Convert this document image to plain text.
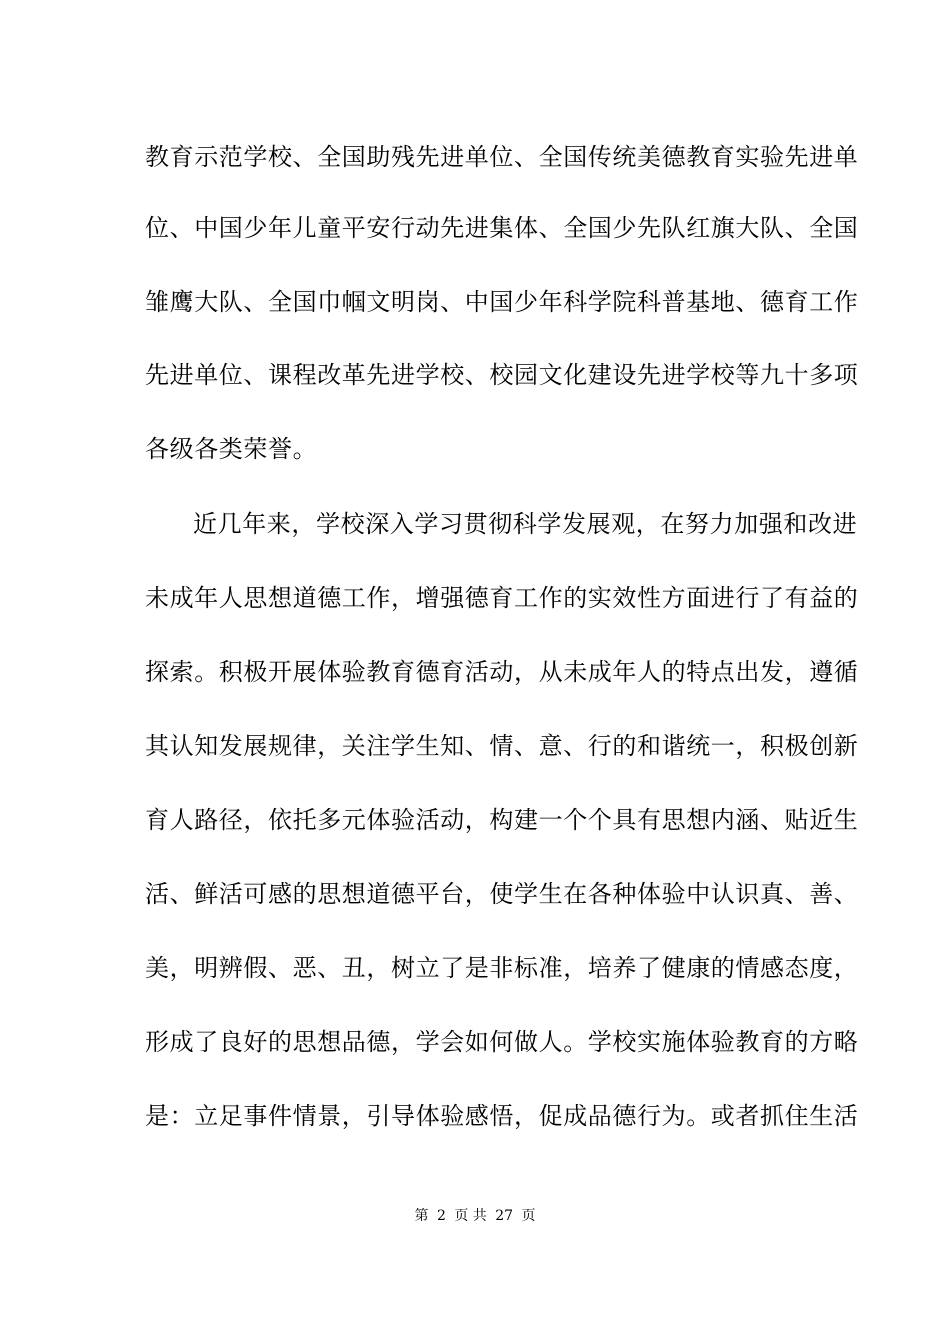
教育示范学校、全国助残先进单位、全国传统美德教育实验先进单
位、中国少年儿童平安行动先进集体、全国少先队红旗大队、全国
雏鹰大队、全国巾帼文明岗、中国少年科学院科普基地、德育工作
先进单位、课程改革先进学校、校园文化建设先进学校等九十多项
各级各类荣誉。
近几年来，学校深入学习贯彻科学发展观，在努力加强和改进
未成年人思想道德工作，增强德育工作的实效性方面进行了有益的
探索。积极开展体验教育德育活动，从未成年人的特点出发，遵循
其认知发展规律，关注学生知、情、意、行的和谐统一，积极创新
育人路径，依托多元体验活动，构建一个个具有思想内涵、贴近生
活、鲜活可感的思想道德平台，使学生在各种体验中认识真、善、
美，明辨假、恶、丑，树立了是非标准，培养了健康的情感态度，
形成了良好的思想品德，学会如何做人。学校实施体验教育的方略
是：立足事件情景，引导体验感悟，促成品德行为。或者抓住生活
第 2 页 共 27 页
